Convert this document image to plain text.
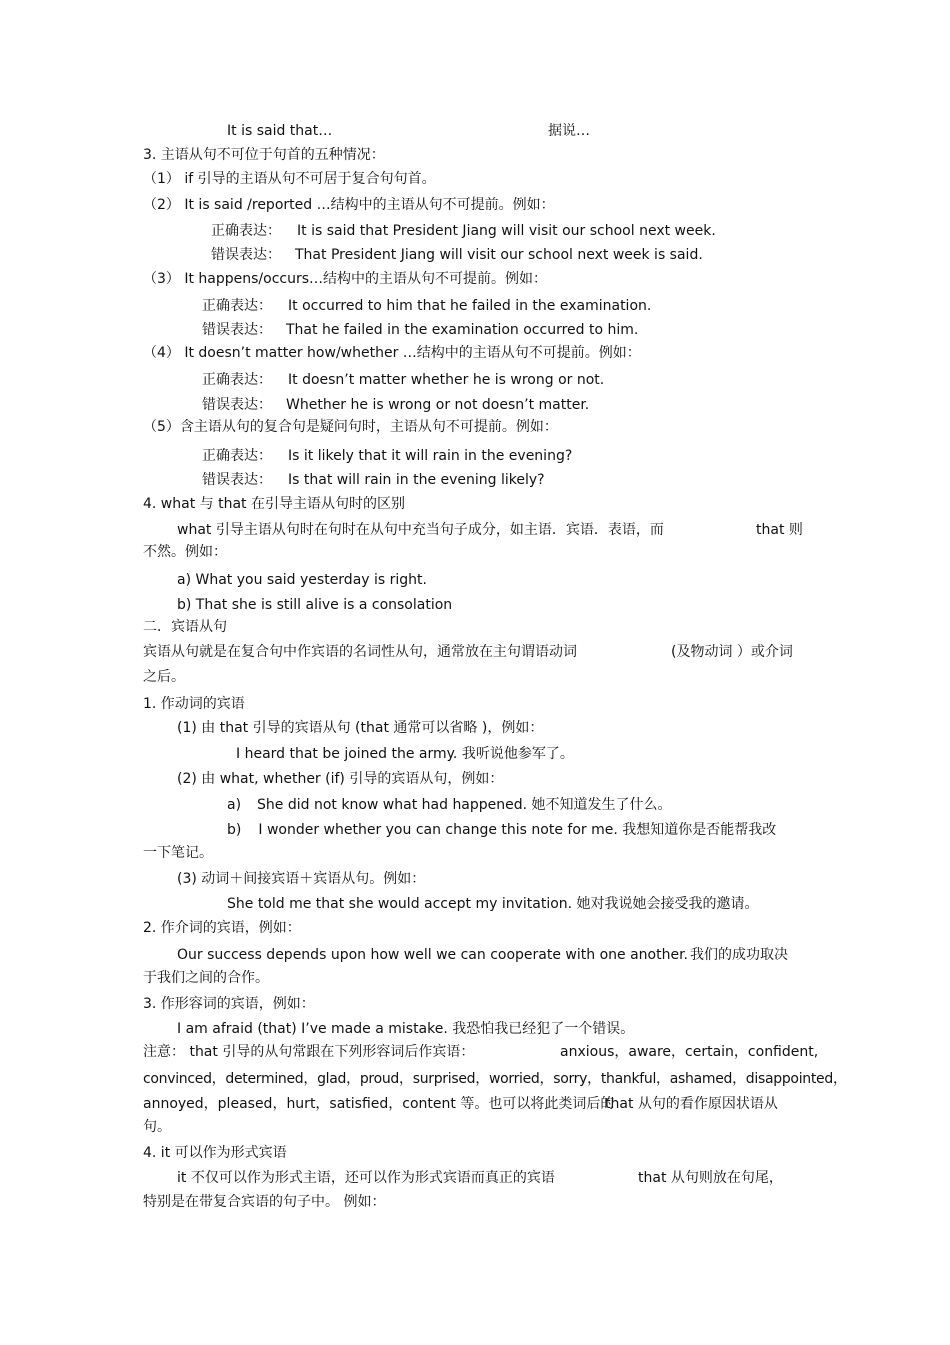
It is said that…	据说…
3. 主语从句不可位于句首的五种情况：
（1） if 引导的主语从句不可居于复合句句首。
（2） It is said /reported …结构中的主语从句不可提前。例如：
正确表达： It is said that President Jiang will visit our school next week.
错误表达： That President Jiang will visit our school next week is said.
（3） It happens/occurs…结构中的主语从句不可提前。例如：
正确表达： It occurred to him that he failed in the examination.
错误表达： That he failed in the examination occurred to him.
（4） It doesn’t matter how/whether …结构中的主语从句不可提前。例如：
正确表达： It doesn’t matter whether he is wrong or not.
错误表达： Whether he is wrong or not doesn’t matter.
（5）含主语从句的复合句是疑问句时，主语从句不可提前。例如：
正确表达： Is it likely that it will rain in the evening?
错误表达： Is that will rain in the evening likely?
4. what 与 that 在引导主语从句时的区别
what 引导主语从句时在句时在从句中充当句子成分，如主语．宾语．表语，而	that 则
不然。例如：
a) What you said yesterday is right.
b) That she is still alive is a consolation
二．宾语从句
宾语从句就是在复合句中作宾语的名词性从句，通常放在主句谓语动词	(及物动词 ）或介词
之后。
1. 作动词的宾语
(1) 由 that 引导的宾语从句 (that 通常可以省略 )，例如：
I heard that be joined the army. 我听说他参军了。
(2) 由 what, whether (if) 引导的宾语从句，例如：
a) She did not know what had happened. 她不知道发生了什么。
b) I wonder whether you can change this note for me. 我想知道你是否能帮我改
一下笔记。
(3) 动词＋间接宾语＋宾语从句。例如：
She told me that she would accept my invitation. 她对我说她会接受我的邀请。
2. 作介词的宾语，例如：
Our success depends upon how well we can cooperate with one another. 我们的成功取决
于我们之间的合作。
3. 作形容词的宾语，例如：
I am afraid (that) I’ve made a mistake. 我恐怕我已经犯了一个错误。
注意： that 引导的从句常跟在下列形容词后作宾语：	anxious，aware，certain，confident,
convinced，determined，glad，proud，surprised，worried，sorry，thankful，ashamed，disappointed，
annoyed，pleased，hurt，satisfied，content 等。也可以将此类词后的
that 从句的看作原因状语从
句。
4. it 可以作为形式宾语
it 不仅可以作为形式主语，还可以作为形式宾语而真正的宾语	that 从句则放在句尾，
特别是在带复合宾语的句子中。 例如：
